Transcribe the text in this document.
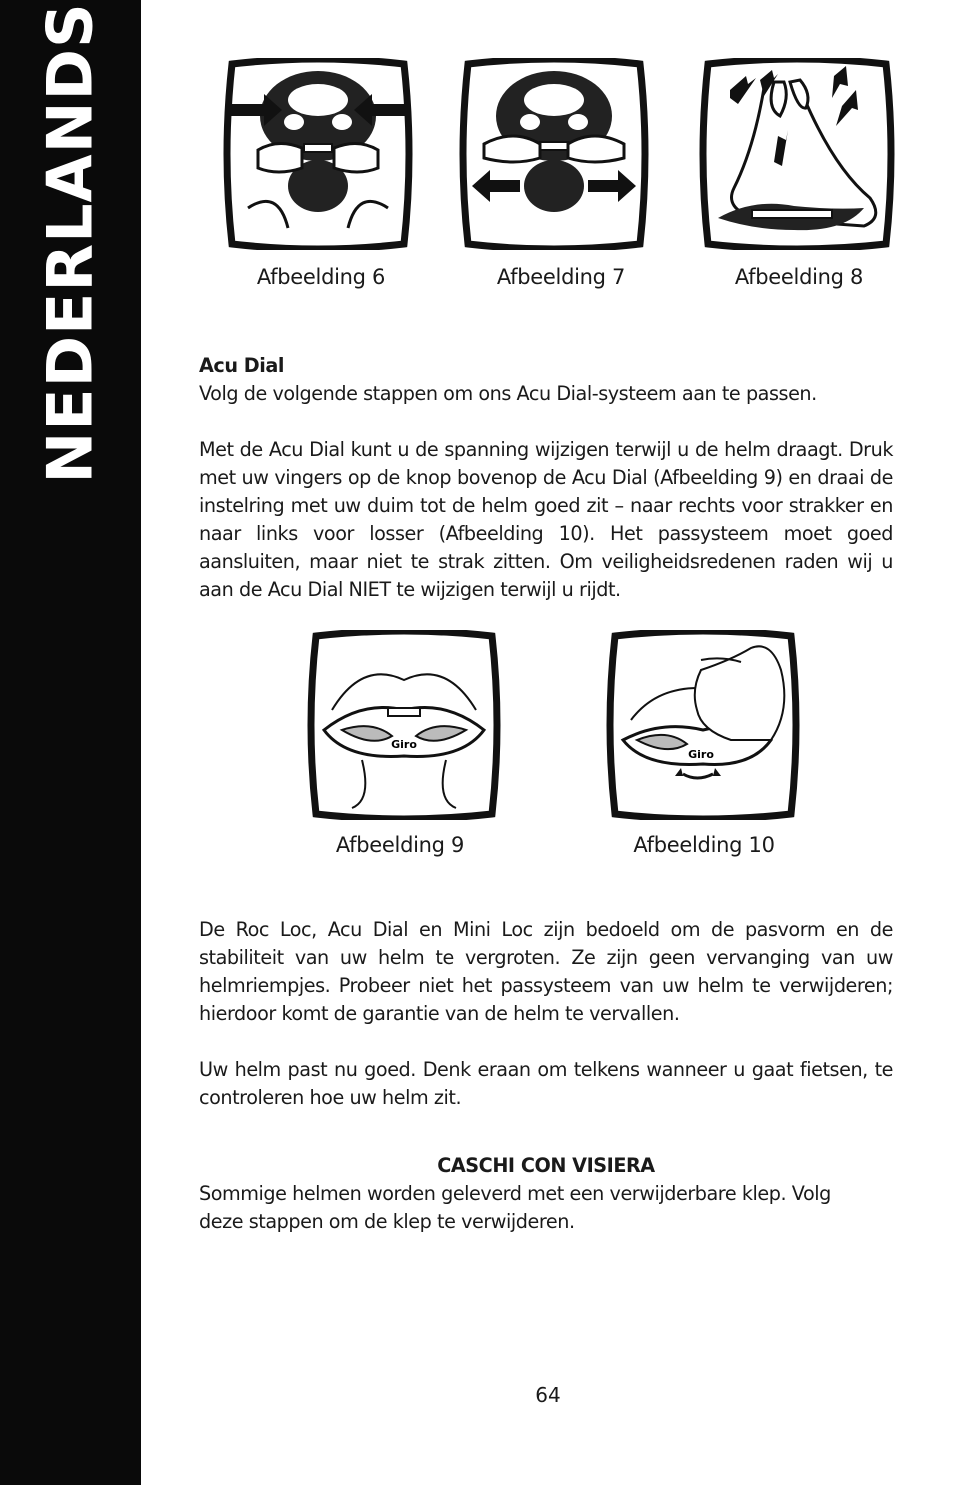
NEDERLANDS	Afbeelding 6	Afbeelding 7	Afbeelding 8
Acu Dial
Volg de volgende stappen om ons Acu Dial-systeem aan te passen.
Met de Acu Dial kunt u de spanning wijzigen terwijl u de helm draagt. Druk met uw vingers op de knop bovenop de Acu Dial (Afbeelding 9) en draai de instelring met uw duim tot de helm goed zit – naar rechts voor strakker en naar links voor losser (Afbeelding 10). Het passysteem moet goed aansluiten, maar niet te strak zitten. Om veiligheidsredenen raden wij u aan de Acu Dial NIET te wijzigen terwijl u rijdt.
Giro
Afbeelding 9
Giro
Afbeelding 10
De Roc Loc, Acu Dial en Mini Loc zijn bedoeld om de pasvorm en de stabiliteit van uw helm te vergroten. Ze zijn geen vervanging van uw helmriempjes. Probeer niet het passysteem van uw helm te verwijderen; hierdoor komt de garantie van de helm te vervallen.
Uw helm past nu goed. Denk eraan om telkens wanneer u gaat fietsen, te controleren hoe uw helm zit.
CASCHI CON VISIERA
Sommige helmen worden geleverd met een verwijderbare klep. Volg deze stappen om de klep te verwijderen.
64
